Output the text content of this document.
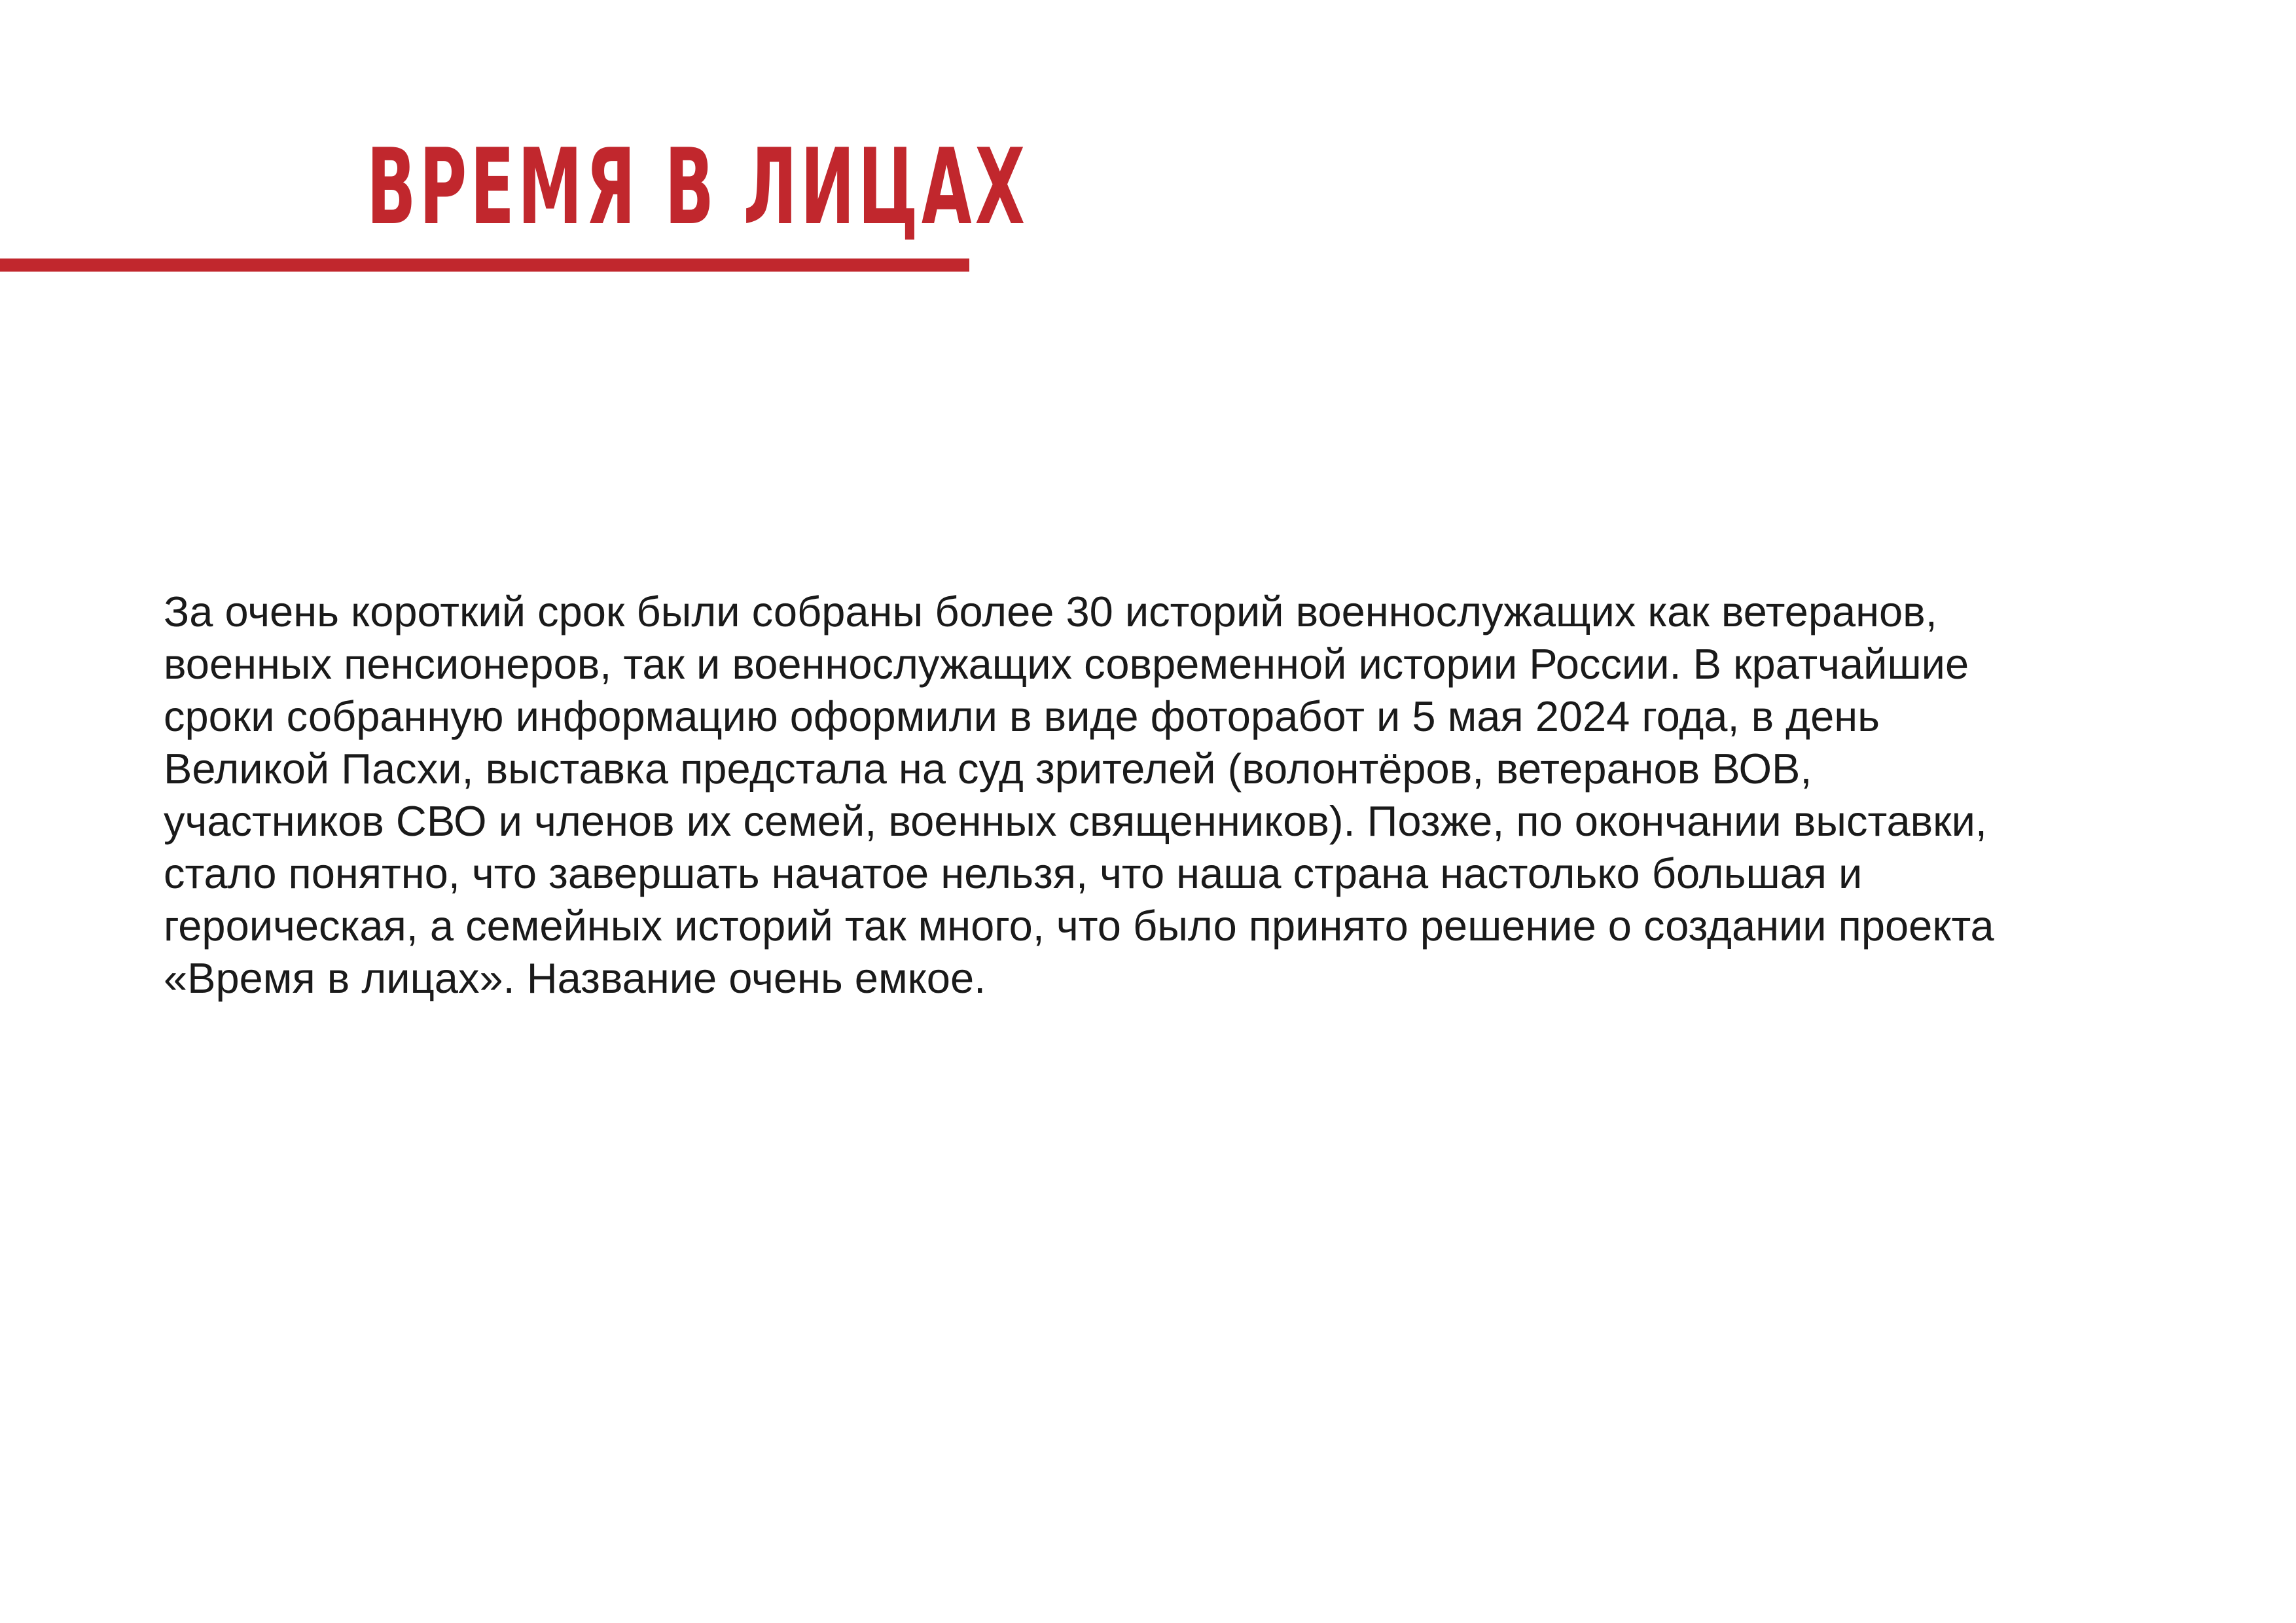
ВРЕМЯ В ЛИЦАХ
За очень короткий срок были собраны более 30 историй военнослужащих как ветеранов,
военных пенсионеров, так и военнослужащих современной истории России. В кратчайшие
сроки собранную информацию оформили в виде фоторабот и 5 мая 2024 года, в день
Великой Пасхи, выставка предстала на суд зрителей (волонтёров, ветеранов ВОВ,
участников СВО и членов их семей, военных священников). Позже, по окончании выставки,
стало понятно, что завершать начатое нельзя, что наша страна настолько большая и
героическая, а семейных историй так много, что было принято решение о создании проекта
«Время в лицах». Название очень емкое.
